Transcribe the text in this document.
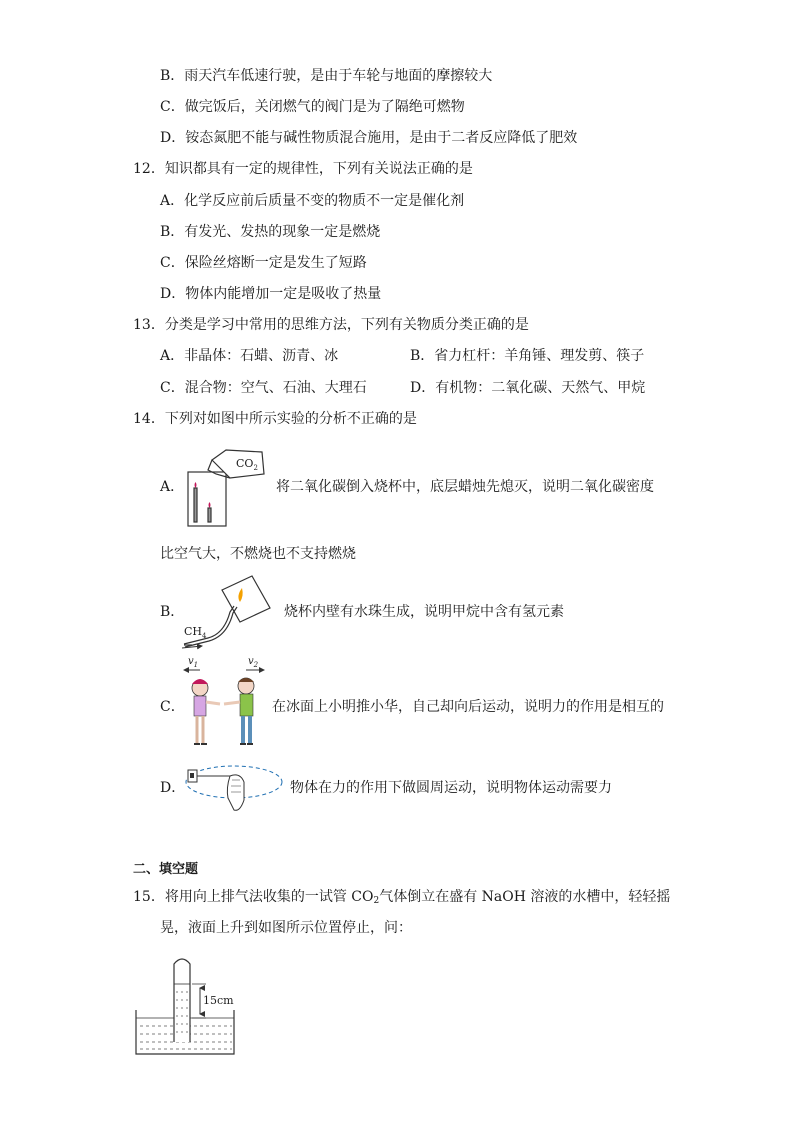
B．雨天汽车低速行驶，是由于车轮与地面的摩擦较大
C．做完饭后，关闭燃气的阀门是为了隔绝可燃物
D．铵态氮肥不能与碱性物质混合施用，是由于二者反应降低了肥效
12．知识都具有一定的规律性，下列有关说法正确的是
A．化学反应前后质量不变的物质不一定是催化剂
B．有发光、发热的现象一定是燃烧
C．保险丝熔断一定是发生了短路
D．物体内能增加一定是吸收了热量
13．分类是学习中常用的思维方法，下列有关物质分类正确的是
A．非晶体：石蜡、沥青、冰	B．省力杠杆：羊角锤、理发剪、筷子
C．混合物：空气、石油、大理石	D．有机物：二氧化碳、天然气、甲烷
14．下列对如图中所示实验的分析不正确的是
A．
$CO_2$
将二氧化碳倒入烧杯中，底层蜡烛先熄灭，说明二氧化碳密度
比空气大，不燃烧也不支持燃烧
B．
$CH_4$
烧杯内壁有水珠生成，说明甲烷中含有氢元素
C．
$v_1$	$v_2$
在冰面上小明推小华，自己却向后运动，说明力的作用是相互的
D．	物体在力的作用下做圆周运动，说明物体运动需要力
二、填空题
15．将用向上排气法收集的一试管 $CO_2$气体倒立在盛有 NaOH 溶液的水槽中，轻轻摇
晃，液面上升到如图所示位置停止，问：
15cm
